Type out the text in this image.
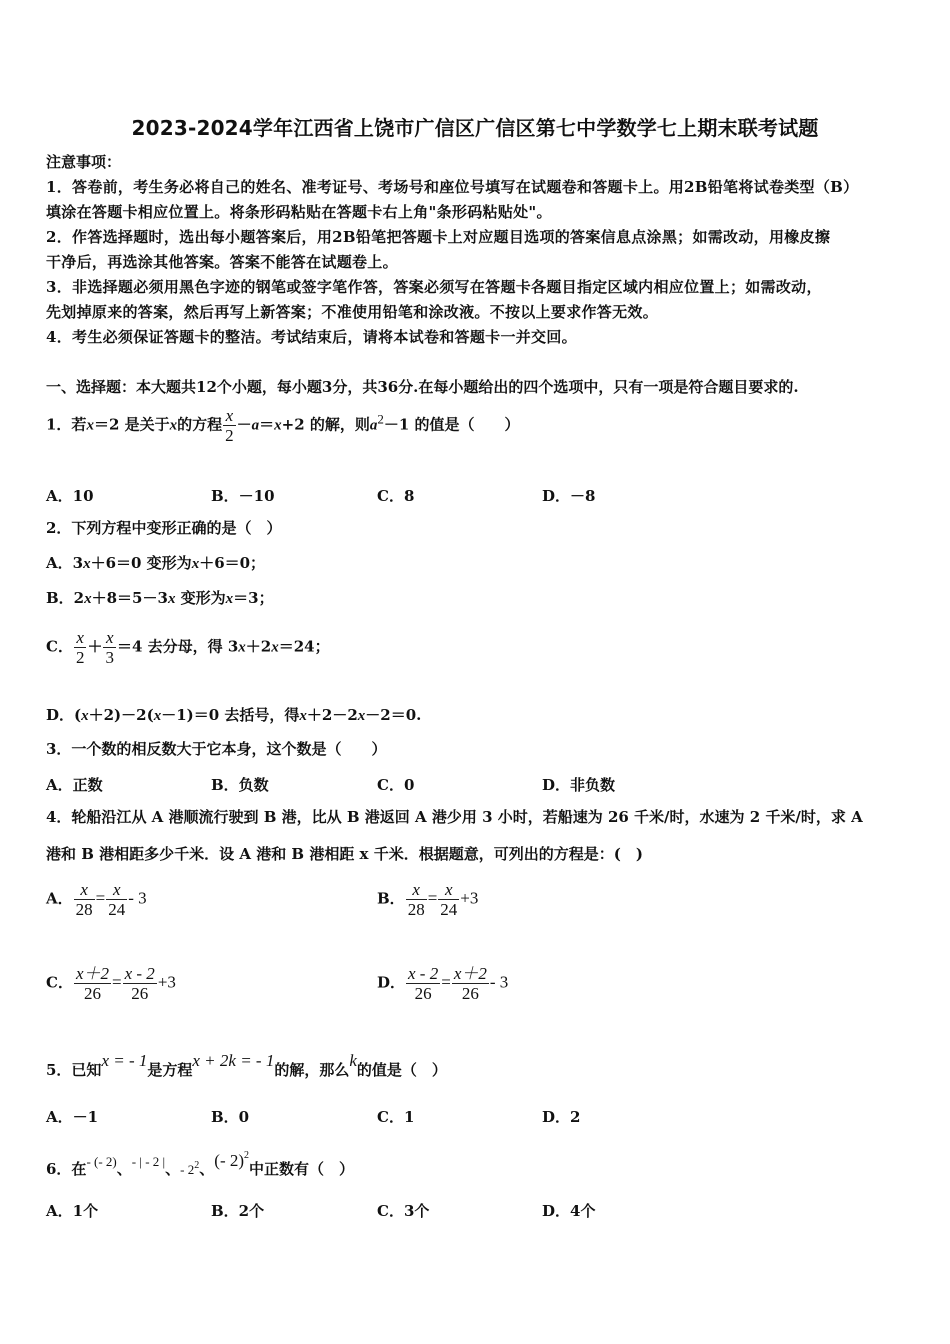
2023-2024学年江西省上饶市广信区广信区第七中学数学七上期末联考试题
注意事项：
1．答卷前，考生务必将自己的姓名、准考证号、考场号和座位号填写在试题卷和答题卡上。用2B铅笔将试卷类型（B）
填涂在答题卡相应位置上。将条形码粘贴在答题卡右上角"条形码粘贴处"。
2．作答选择题时，选出每小题答案后，用2B铅笔把答题卡上对应题目选项的答案信息点涂黑；如需改动，用橡皮擦
干净后，再选涂其他答案。答案不能答在试题卷上。
3．非选择题必须用黑色字迹的钢笔或签字笔作答，答案必须写在答题卡各题目指定区域内相应位置上；如需改动，
先划掉原来的答案，然后再写上新答案；不准使用铅笔和涂改液。不按以上要求作答无效。
4．考生必须保证答题卡的整洁。考试结束后，请将本试卷和答题卡一并交回。
一、选择题：本大题共12个小题，每小题3分，共36分.在每小题给出的四个选项中，只有一项是符合题目要求的.
1．若x＝2 是关于x的方程 $\frac{x}{2} -a=x+2$ 的解，则$a^2-1$ 的值是（　　）
A．10	B．－10	C．8	D．－8
2．下列方程中变形正确的是（　）
A．3x＋6＝0 变形为x＋6＝0；
B．2x＋8＝5－3x 变形为x＝3；
C． $\frac{x}{2} + \frac{x}{3} =4$ 去分母，得 3x＋2x＝24；
D．(x＋2)－2(x－1)＝0 去括号，得x＋2－2x－2＝0.
3．一个数的相反数大于它本身，这个数是（　　）
A．正数	B．负数	C．0	D．非负数
4．轮船沿江从 A 港顺流行驶到 B 港，比从 B 港返回 A 港少用 3 小时，若船速为 26 千米/时，水速为 2 千米/时，求 A
港和 B 港相距多少千米．设 A 港和 B 港相距 x 千米．根据题意，可列出的方程是：(　)
A． $\frac{x}{28} = \frac{x}{24} - 3$	B． $\frac{x}{28} = \frac{x}{24} +3$
C． $\frac{x+2}{26} = \frac{x - 2}{26} +3$	D． $\frac{x - 2}{26} = \frac{x+2}{26} - 3$
5．已知x = - 1是方程x + 2k = - 1的解，那么k的值是（　）
A．－1	B．0	C．1	D．2
6．在- (- 2)、- | - 2 |、- $2^2$、(- 2)$^2$中正数有（　）
A．1个	B．2个	C．3个	D．4个
